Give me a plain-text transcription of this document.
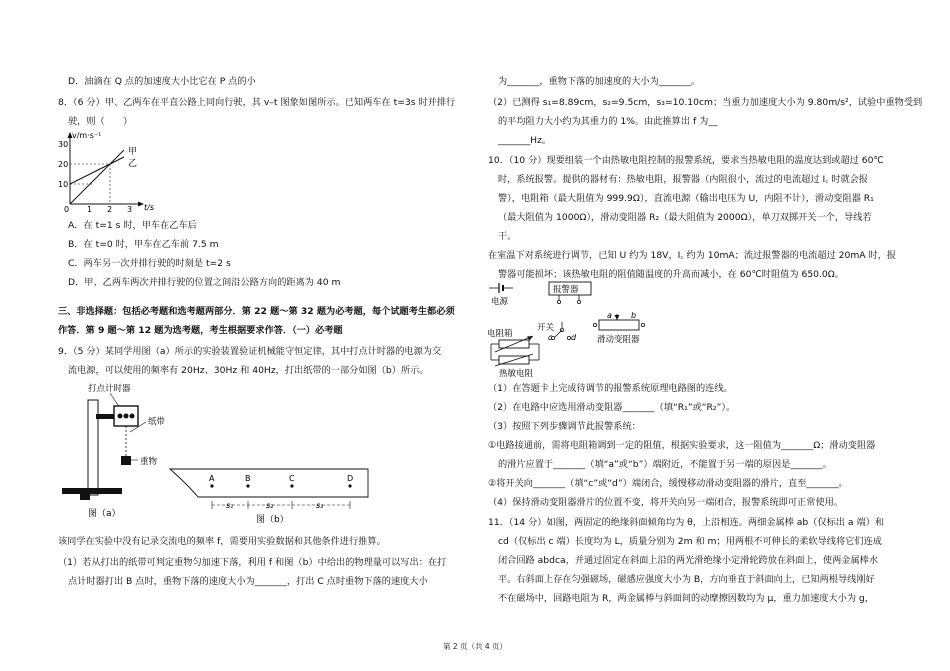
D．油滴在 Q 点的加速度大小比它在 P 点的小
8．（6 分）甲、乙两车在平直公路上同向行驶，其 v–t 图象如图所示。已知两车在 t=3s 时并排行
驶，则（　　）
v/m·s⁻¹
t/s
30
20
10
0 1 2 3
甲
乙
A．在 t=1 s 时，甲车在乙车后
B．在 t=0 时，甲车在乙车前 7.5 m
C．两车另一次并排行驶的时刻是 t=2 s
D．甲、乙两车两次并排行驶的位置之间沿公路方向的距离为 40 m
三、非选择题：包括必考题和选考题两部分．第 22 题～第 32 题为必考题，每个试题考生都必须
作答．第 9 题～第 12 题为选考题，考生根据要求作答．（一）必考题
9．（5 分）某同学用图（a）所示的实验装置验证机械能守恒定律，其中打点计时器的电源为交
流电源，可以使用的频率有 20Hz、30Hz 和 40Hz，打出纸带的一部分如图（b）所示。
打点计时器
纸带
重物
图（a）
A	B	C	D
s₁	s₂	s₃
图（b）
该同学在实验中没有记录交流电的频率 f，需要用实验数据和其他条件进行推算。
（1）若从打出的纸带可判定重物匀加速下落，利用 f 和图（b）中给出的物理量可以写出：在打
点计时器打出 B 点时，重物下落的速度大小为_______，打出 C 点时重物下落的速度大小
为_______，重物下落的加速度的大小为_______。
（2）已测得 s₁=8.89cm，s₂=9.5cm，s₃=10.10cm；当重力加速度大小为 9.80m/s²，试验中重物受到
的平均阻力大小约为其重力的 1%。由此推算出 f 为__
_______Hz。
10．（10 分）现要组装一个由热敏电阻控制的报警系统，要求当热敏电阻的温度达到或超过 60℃
时，系统报警。提供的器材有：热敏电阻，报警器（内阻很小，流过的电流超过 I꜀ 时就会报
警），电阻箱（最大阻值为 999.9Ω），直流电源（输出电压为 U，内阻不计），滑动变阻器 R₁
（最大阻值为 1000Ω），滑动变阻器 R₂（最大阻值为 2000Ω），单刀双掷开关一个，导线若
干。
在室温下对系统进行调节，已知 U 约为 18V，I꜀ 约为 10mA；流过报警器的电流超过 20mA 时，报
警器可能损坏；该热敏电阻的阻值随温度的升高而减小，在 60℃时阻值为 650.0Ω。
电源
报警器
开关
c d
a b
滑动变阻器
电阻箱
热敏电阻
（1）在答题卡上完成待调节的报警系统原理电路图的连线。
（2）在电路中应选用滑动变阻器_______（填“R₁”或“R₂”）。
（3）按照下列步骤调节此报警系统：
①电路接通前，需将电阻箱调到一定的阻值，根据实验要求，这一阻值为_______Ω；滑动变阻器
的滑片应置于_______（填“a”或“b”）端附近，不能置于另一端的原因是_______。
②将开关向_______（填“c”或“d”）端闭合，缓慢移动滑动变阻器的滑片，直至_______。
（4）保持滑动变阻器滑片的位置不变，将开关向另一端闭合，报警系统即可正常使用。
11．（14 分）如图，两固定的绝缘斜面倾角均为 θ，上沿相连。两细金属棒 ab（仅标出 a 端）和
cd（仅标出 c 端）长度均为 L，质量分别为 2m 和 m；用两根不可伸长的柔软导线将它们连成
闭合回路 abdca，并通过固定在斜面上沿的两光滑绝缘小定滑轮跨放在斜面上，使两金属棒水
平。右斜面上存在匀强磁场，磁感应强度大小为 B，方向垂直于斜面向上，已知两根导线刚好
不在磁场中，回路电阻为 R，两金属棒与斜面间的动摩擦因数均为 μ，重力加速度大小为 g，
第 2 页（共 4 页）
